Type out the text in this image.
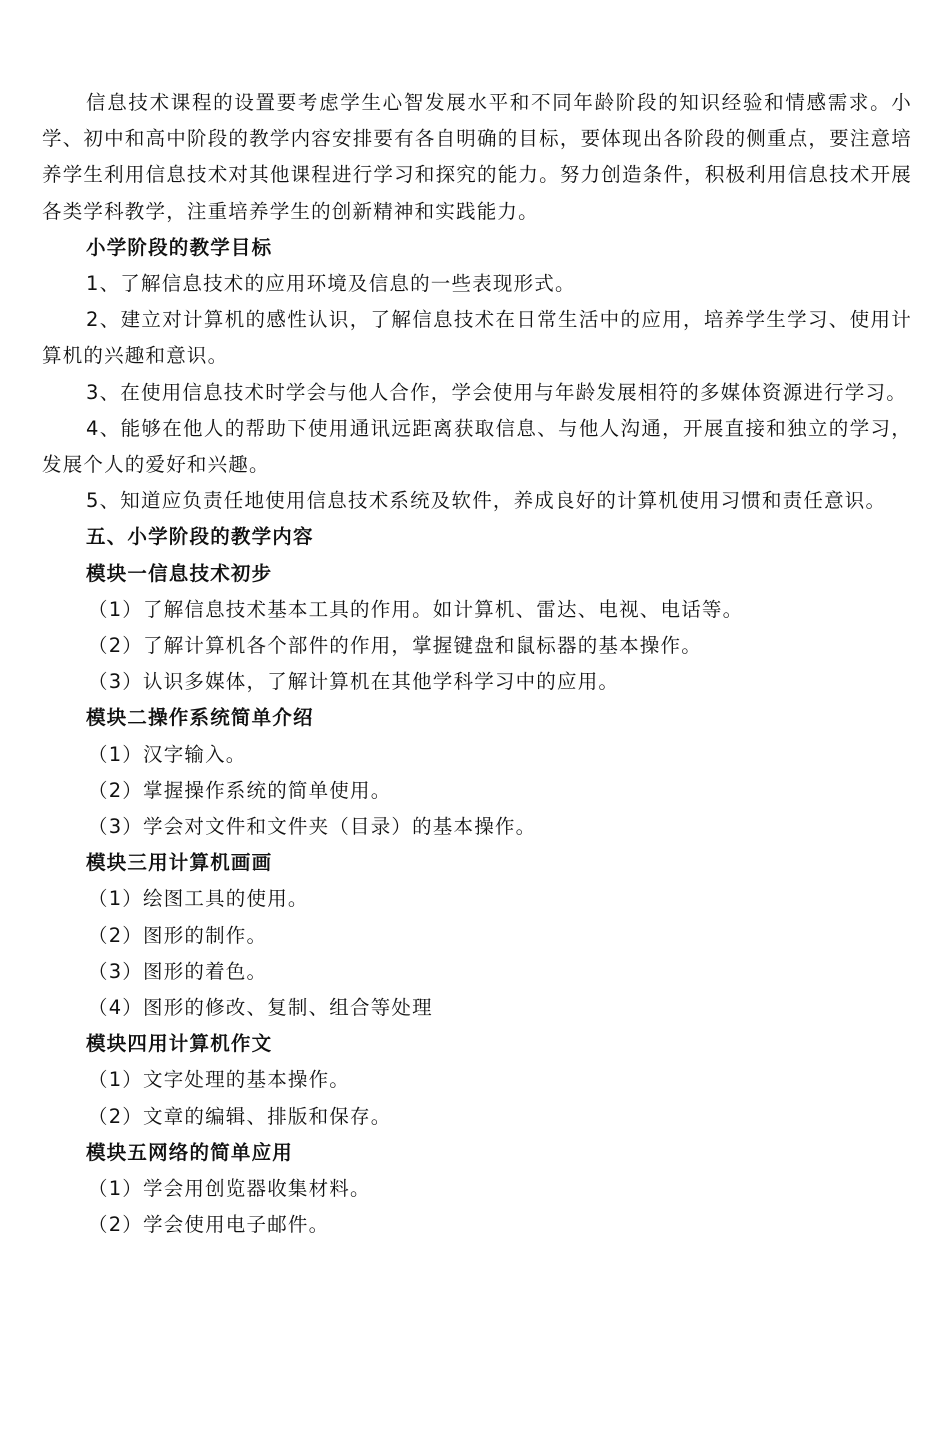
信息技术课程的设置要考虑学生心智发展水平和不同年龄阶段的知识经验和情感需求。小学、初中和高中阶段的教学内容安排要有各自明确的目标，要体现出各阶段的侧重点，要注意培养学生利用信息技术对其他课程进行学习和探究的能力。努力创造条件，积极利用信息技术开展各类学科教学，注重培养学生的创新精神和实践能力。

小学阶段的教学目标

1、了解信息技术的应用环境及信息的一些表现形式。

2、建立对计算机的感性认识，了解信息技术在日常生活中的应用，培养学生学习、使用计算机的兴趣和意识。

3、在使用信息技术时学会与他人合作，学会使用与年龄发展相符的多媒体资源进行学习。

4、能够在他人的帮助下使用通讯远距离获取信息、与他人沟通，开展直接和独立的学习，发展个人的爱好和兴趣。

5、知道应负责任地使用信息技术系统及软件，养成良好的计算机使用习惯和责任意识。

五、小学阶段的教学内容

模块一信息技术初步

（1）了解信息技术基本工具的作用。如计算机、雷达、电视、电话等。

（2）了解计算机各个部件的作用，掌握键盘和鼠标器的基本操作。

（3）认识多媒体，了解计算机在其他学科学习中的应用。

模块二操作系统简单介绍

（1）汉字输入。

（2）掌握操作系统的简单使用。

（3）学会对文件和文件夹（目录）的基本操作。

模块三用计算机画画

（1）绘图工具的使用。

（2）图形的制作。

（3）图形的着色。

（4）图形的修改、复制、组合等处理

模块四用计算机作文

（1）文字处理的基本操作。

（2）文章的编辑、排版和保存。

模块五网络的简单应用

（1）学会用创览器收集材料。

（2）学会使用电子邮件。
